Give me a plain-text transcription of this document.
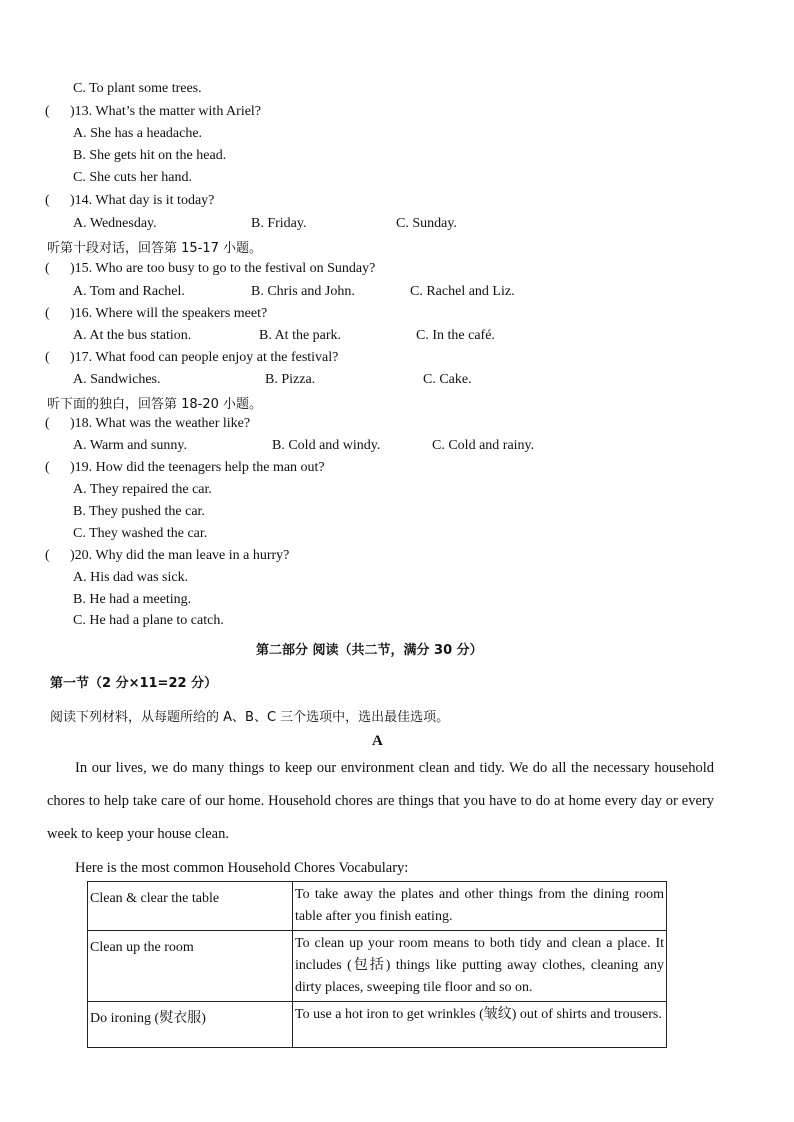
C. To plant some trees.
( )13. What’s the matter with Ariel?
A. She has a headache.
B. She gets hit on the head.
C. She cuts her hand.
( )14. What day is it today?
A. Wednesday.	B. Friday.	C. Sunday.
听第十段对话，回答第 15-17 小题。
( )15. Who are too busy to go to the festival on Sunday?
A. Tom and Rachel.	B. Chris and John.	C. Rachel and Liz.
( )16. Where will the speakers meet?
A. At the bus station.	B. At the park.	C. In the café.
( )17. What food can people enjoy at the festival?
A. Sandwiches.	B. Pizza.	C. Cake.
听下面的独白，回答第 18-20 小题。
( )18. What was the weather like?
A. Warm and sunny.	B. Cold and windy.	C. Cold and rainy.
( )19. How did the teenagers help the man out?
A. They repaired the car.
B. They pushed the car.
C. They washed the car.
( )20. Why did the man leave in a hurry?
A. His dad was sick.
B. He had a meeting.
C. He had a plane to catch.
第二部分 阅读（共二节，满分 30 分）
第一节（2 分×11=22 分）
阅读下列材料，从每题所给的 A、B、C 三个选项中，选出最佳选项。
A
In our lives, we do many things to keep our environment clean and tidy. We do all the necessary household chores to help take care of our home. Household chores are things that you have to do at home every day or every week to keep your house clean.
Here is the most common Household Chores Vocabulary:
Clean & clear the table	To take away the plates and other things from the dining room table after you finish eating.
Clean up the room	To clean up your room means to both tidy and clean a place. It includes (包括) things like putting away clothes, cleaning any dirty places, sweeping tile floor and so on.
Do ironing (熨衣服)	To use a hot iron to get wrinkles (皱纹) out of shirts and trousers.
